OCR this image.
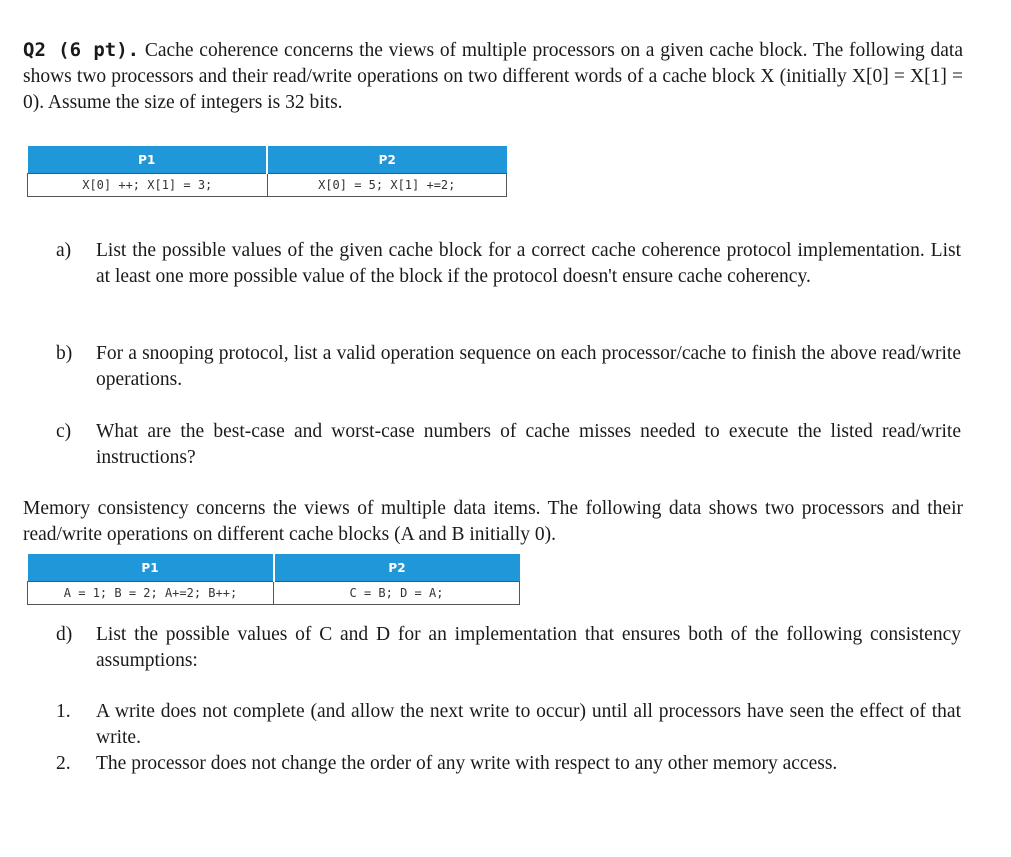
Q2 (6 pt). Cache coherence concerns the views of multiple processors on a given cache block. The following data shows two processors and their read/write operations on two different words of a cache block X (initially X[0] = X[1] = 0). Assume the size of integers is 32 bits.
P1	P2
X[0] ++; X[1] = 3;	X[0] = 5; X[1] +=2;
a)	List the possible values of the given cache block for a correct cache coherence protocol implementation. List at least one more possible value of the block if the protocol doesn't ensure cache coherency.
b)	For a snooping protocol, list a valid operation sequence on each processor/cache to finish the above read/write operations.
c)	What are the best-case and worst-case numbers of cache misses needed to execute the listed read/write instructions?
Memory consistency concerns the views of multiple data items. The following data shows two processors and their read/write operations on different cache blocks (A and B initially 0).
P1	P2
A = 1; B = 2; A+=2; B++;	C = B; D = A;
d)	List the possible values of C and D for an implementation that ensures both of the following consistency assumptions:
1.	A write does not complete (and allow the next write to occur) until all processors have seen the effect of that write.
2.	The processor does not change the order of any write with respect to any other memory access.
